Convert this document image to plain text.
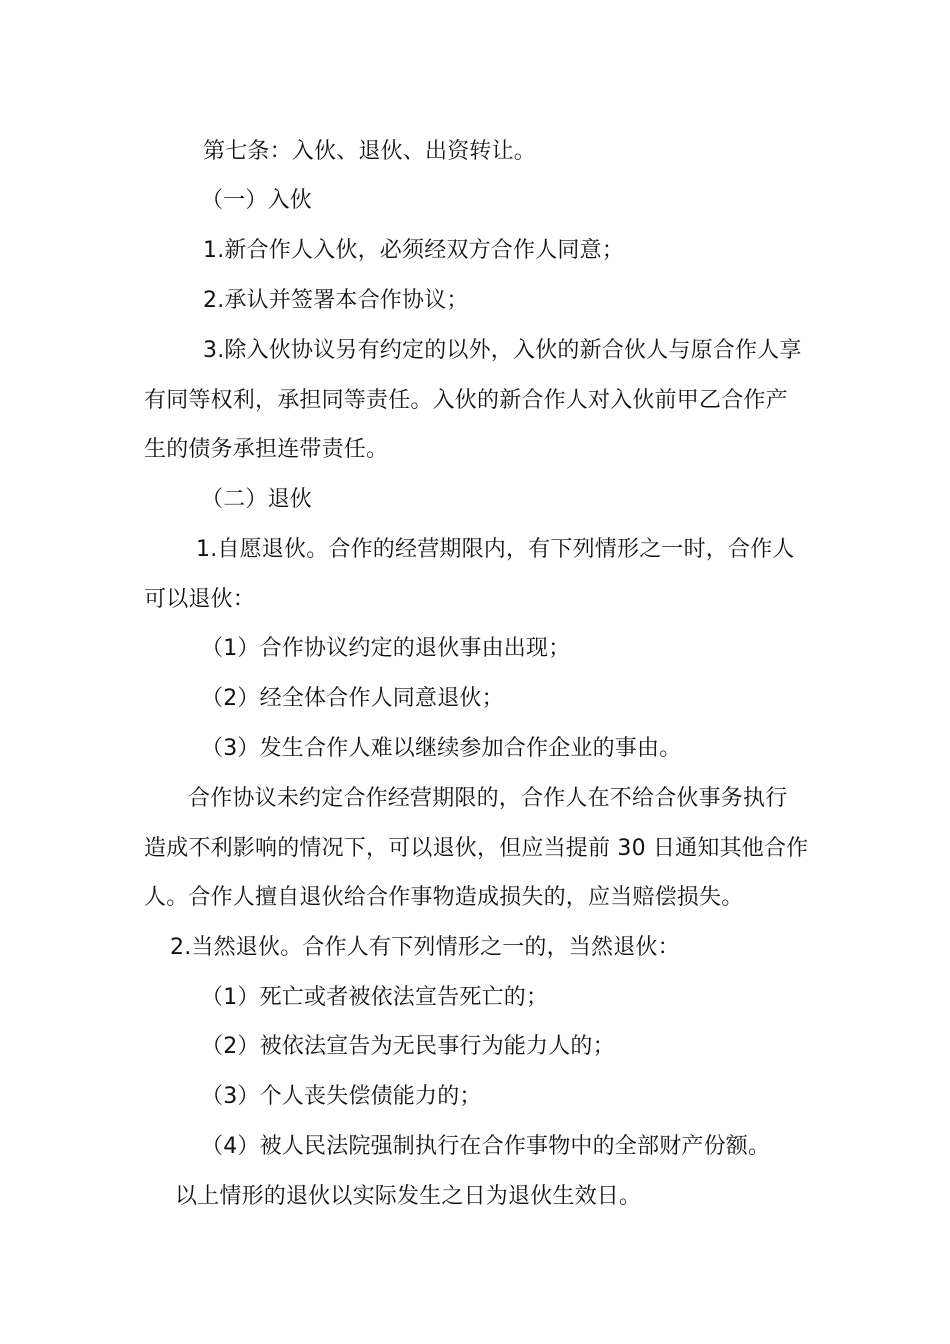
第七条：入伙、退伙、出资转让。
（一）入伙
1.新合作人入伙，必须经双方合作人同意；
2.承认并签署本合作协议；
3.除入伙协议另有约定的以外，入伙的新合伙人与原合作人享
有同等权利，承担同等责任。入伙的新合作人对入伙前甲乙合作产
生的债务承担连带责任。
（二）退伙
1.自愿退伙。合作的经营期限内，有下列情形之一时，合作人
可以退伙：
（1）合作协议约定的退伙事由出现；
（2）经全体合作人同意退伙；
（3）发生合作人难以继续参加合作企业的事由。
合作协议未约定合作经营期限的，合作人在不给合伙事务执行
造成不利影响的情况下，可以退伙，但应当提前 30 日通知其他合作
人。合作人擅自退伙给合作事物造成损失的，应当赔偿损失。
2.当然退伙。合作人有下列情形之一的，当然退伙：
（1）死亡或者被依法宣告死亡的；
（2）被依法宣告为无民事行为能力人的；
（3）个人丧失偿债能力的；
（4）被人民法院强制执行在合作事物中的全部财产份额。
以上情形的退伙以实际发生之日为退伙生效日。
